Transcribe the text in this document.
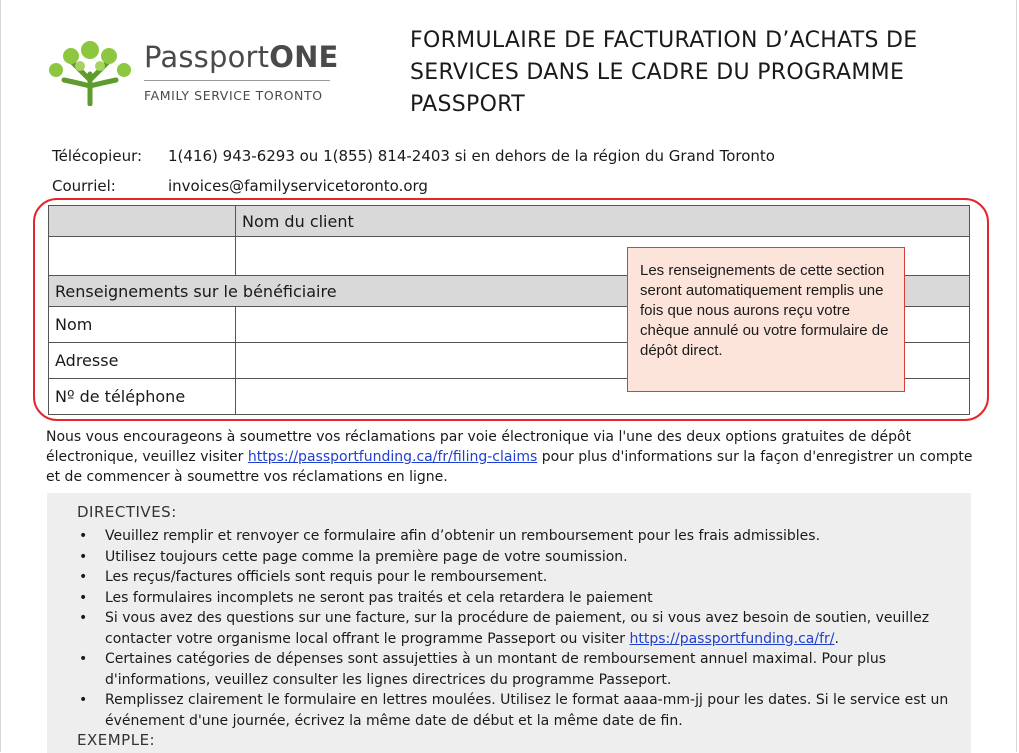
PassportONE
FAMILY SERVICE TORONTO
FORMULAIRE DE FACTURATION D’ACHATS DE SERVICES DANS LE CADRE DU PROGRAMME PASSPORT
Télécopieur: 1(416) 943-6293 ou 1(855) 814-2403 si en dehors de la région du Grand Toronto
Courriel:	invoices@familyservicetoronto.org
	Nom du client

Renseignements sur le bénéficiaire	
Nom	
Adresse	
Nº de téléphone	
Les renseignements de cette section seront automatiquement remplis une fois que nous aurons reçu votre chèque annulé ou votre formulaire de dépôt direct.
Nous vous encourageons à soumettre vos réclamations par voie électronique via l'une des deux options gratuites de dépôt électronique, veuillez visiter https://passportfunding.ca/fr/filing-claims pour plus d'informations sur la façon d'enregistrer un compte et de commencer à soumettre vos réclamations en ligne.
DIRECTIVES:
• Veuillez remplir et renvoyer ce formulaire afin d’obtenir un remboursement pour les frais admissibles.
• Utilisez toujours cette page comme la première page de votre soumission.
• Les reçus/factures officiels sont requis pour le remboursement.
• Les formulaires incomplets ne seront pas traités et cela retardera le paiement
• Si vous avez des questions sur une facture, sur la procédure de paiement, ou si vous avez besoin de soutien, veuillez contacter votre organisme local offrant le programme Passeport ou visiter https://passportfunding.ca/fr/.
• Certaines catégories de dépenses sont assujetties à un montant de remboursement annuel maximal. Pour plus d'informations, veuillez consulter les lignes directrices du programme Passeport.
• Remplissez clairement le formulaire en lettres moulées. Utilisez le format aaaa-mm-jj pour les dates. Si le service est un événement d'une journée, écrivez la même date de début et la même date de fin.
EXEMPLE:
